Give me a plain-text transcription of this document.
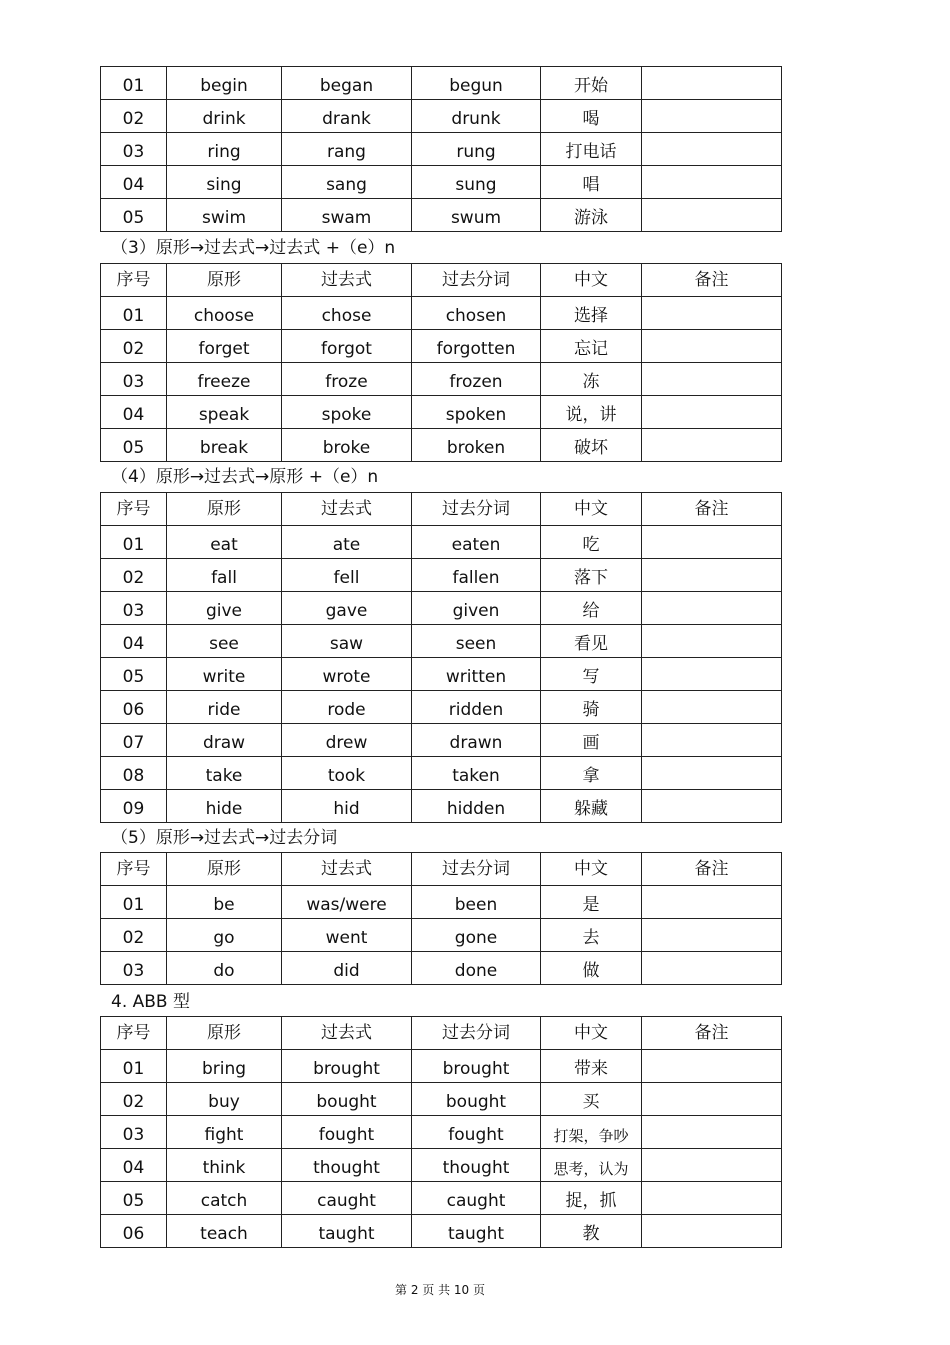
01	begin	began	begun	开始	
02	drink	drank	drunk	喝	
03	ring	rang	rung	打电话	
04	sing	sang	sung	唱	
05	swim	swam	swum	游泳	
（3）原形→过去式→过去式 +（e）n
序号	原形	过去式	过去分词	中文	备注
01	choose	chose	chosen	选择	
02	forget	forgot	forgotten	忘记	
03	freeze	froze	frozen	冻	
04	speak	spoke	spoken	说，讲	
05	break	broke	broken	破坏	
（4）原形→过去式→原形 +（e）n
序号	原形	过去式	过去分词	中文	备注
01	eat	ate	eaten	吃	
02	fall	fell	fallen	落下	
03	give	gave	given	给	
04	see	saw	seen	看见	
05	write	wrote	written	写	
06	ride	rode	ridden	骑	
07	draw	drew	drawn	画	
08	take	took	taken	拿	
09	hide	hid	hidden	躲藏	
（5）原形→过去式→过去分词
序号	原形	过去式	过去分词	中文	备注
01	be	was/were	been	是	
02	go	went	gone	去	
03	do	did	done	做	
4. ABB 型
序号	原形	过去式	过去分词	中文	备注
01	bring	brought	brought	带来	
02	buy	bought	bought	买	
03	fight	fought	fought	打架，争吵	
04	think	thought	thought	思考，认为	
05	catch	caught	caught	捉，抓	
06	teach	taught	taught	教	
第 2 页 共 10 页
